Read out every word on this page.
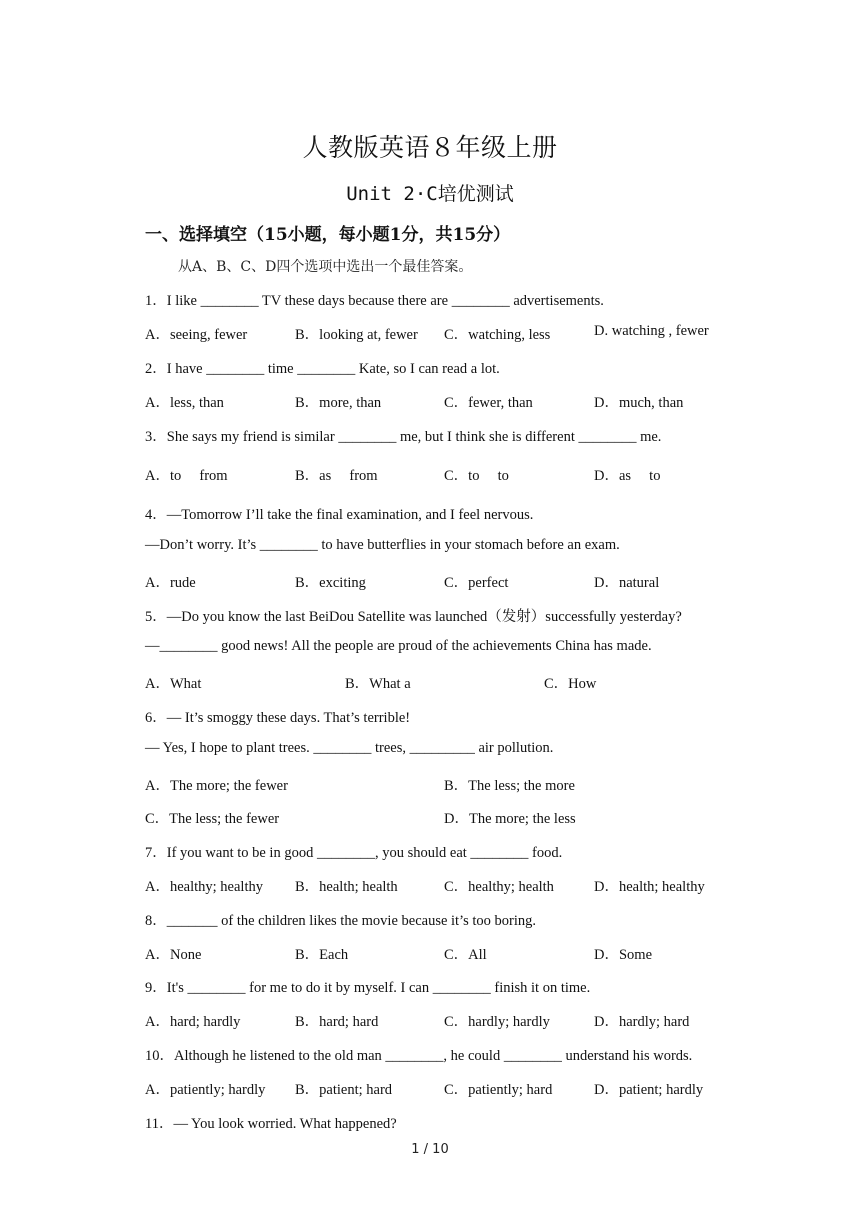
人教版英语８年级上册
Unit 2·C培优测试
一、选择填空（15小题，每小题1分，共15分）
从A、B、C、D四个选项中选出一个最佳答案。
1．I like ________ TV these days because there are ________ advertisements.
A．seeing, fewer	B．looking at, fewer C．watching, less	D. watching , fewer
2．I have ________ time ________ Kate, so I can read a lot.
A．less, than	B．more, than	C．fewer, than	D．much, than
3．She says my friend is similar ________ me, but I think she is different ________ me.
A．to     from	B．as     from	C．to     to	D．as     to
4．—Tomorrow I’ll take the final examination, and I feel nervous.
—Don’t worry. It’s ________ to have butterflies in your stomach before an exam.
A．rude	B．exciting	C．perfect	D．natural
5．—Do you know the last BeiDou Satellite was launched（发射）successfully yesterday?
—________ good news! All the people are proud of the achievements China has made.
A．What	B．What a	C．How
6．— It’s smoggy these days. That’s terrible!
— Yes, I hope to plant trees. ________ trees, _________ air pollution.
A．The more; the fewer	B．The less; the more
C．The less; the fewer	D．The more; the less
7．If you want to be in good ________, you should eat ________ food.
A．healthy; healthy B．health; health	C．healthy; health	D．health; healthy
8．_______ of the children likes the movie because it’s too boring.
A．None	B．Each	C．All	D．Some
9．It's ________ for me to do it by myself. I can ________ finish it on time.
A．hard; hardly	B．hard; hard	C．hardly; hardly	D．hardly; hard
10．Although he listened to the old man ________, he could ________ understand his words.
A．patiently; hardly B．patient; hard	C．patiently; hard	D．patient; hardly
11．— You look worried. What happened?
1 / 10
